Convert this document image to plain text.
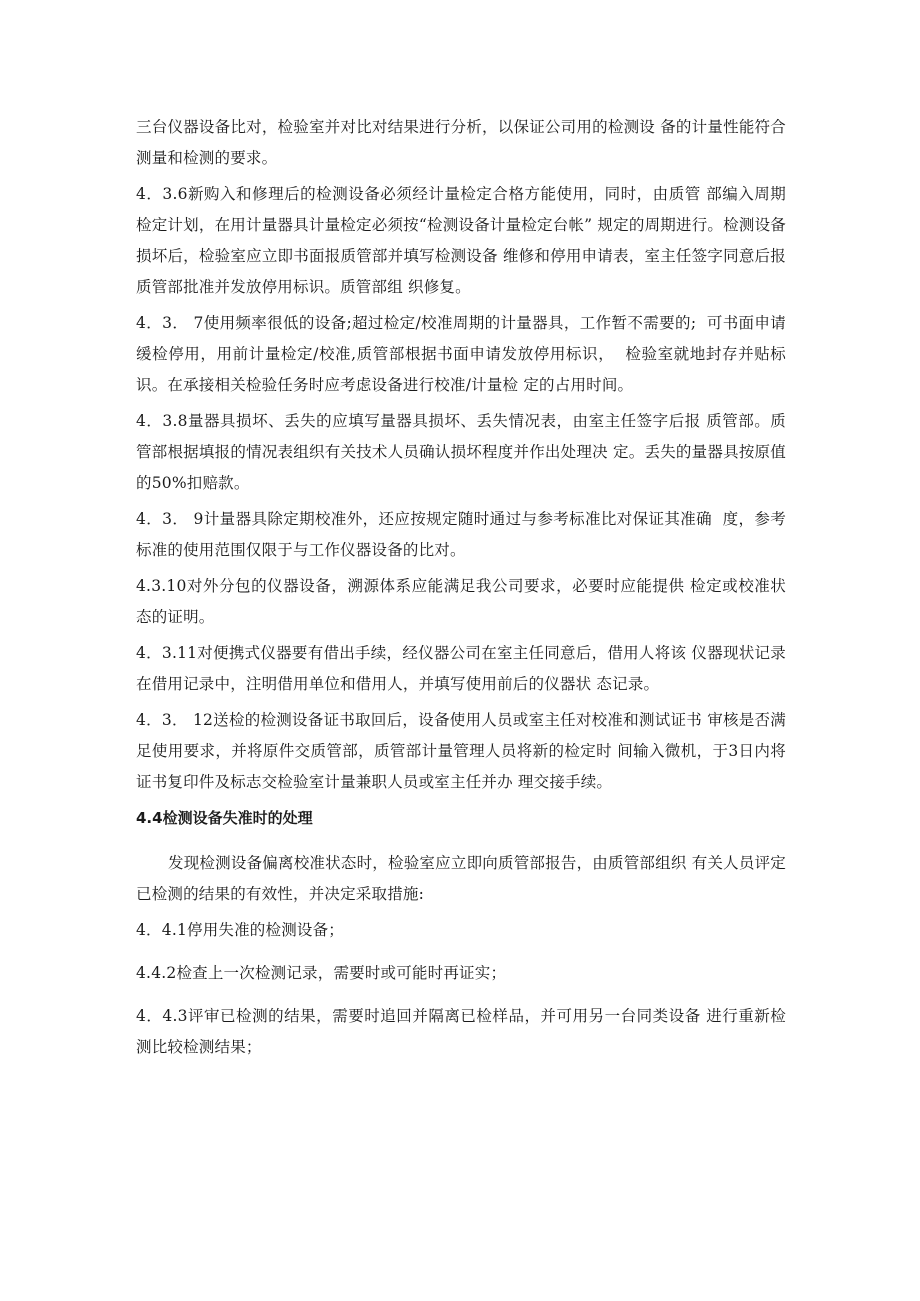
三台仪器设备比对，检验室并对比对结果进行分析，以保证公司用的检测设 备的计量性能符合测量和检测的要求。

4．3.6新购入和修理后的检测设备必须经计量检定合格方能使用，同时，由质管 部编入周期检定计划，在用计量器具计量检定必须按“检测设备计量检定台帐” 规定的周期进行。检测设备损坏后，检验室应立即书面报质管部并填写检测设备 维修和停用申请表，室主任签字同意后报质管部批准并发放停用标识。质管部组 织修复。

4．3． 7使用频率很低的设备;超过检定/校准周期的计量器具，工作暂不需要的;  可书面申请缓检停用，用前计量检定/校准,质管部根据书面申请发放停用标识，  检验室就地封存并贴标识。在承接相关检验任务时应考虑设备进行校准/计量检 定的占用时间。

4．3.8量器具损坏、丢失的应填写量器具损坏、丢失情况表，由室主任签字后报 质管部。质管部根据填报的情况表组织有关技术人员确认损坏程度并作出处理决 定。丢失的量器具按原值的50%扣赔款。

4．3． 9计量器具除定期校准外，还应按规定随时通过与参考标准比对保证其准确  度，参考标准的使用范围仅限于与工作仪器设备的比对。

4.3.10对外分包的仪器设备，溯源体系应能满足我公司要求，必要时应能提供 检定或校准状态的证明。

4．3.11对便携式仪器要有借出手续，经仪器公司在室主任同意后，借用人将该 仪器现状记录在借用记录中，注明借用单位和借用人，并填写使用前后的仪器状 态记录。

4．3． 12送检的检测设备证书取回后，设备使用人员或室主任对校准和测试证书 审核是否满足使用要求，并将原件交质管部，质管部计量管理人员将新的检定时 间输入微机，于3日内将证书复印件及标志交检验室计量兼职人员或室主任并办 理交接手续。

4.4检测设备失准时的处理

发现检测设备偏离校准状态时，检验室应立即向质管部报告，由质管部组织 有关人员评定已检测的结果的有效性，并决定采取措施:

4．4.1停用失准的检测设备；

4.4.2检查上一次检测记录，需要时或可能时再证实；

4．4.3评审已检测的结果，需要时追回并隔离已检样品，并可用另一台同类设备 进行重新检测比较检测结果；
